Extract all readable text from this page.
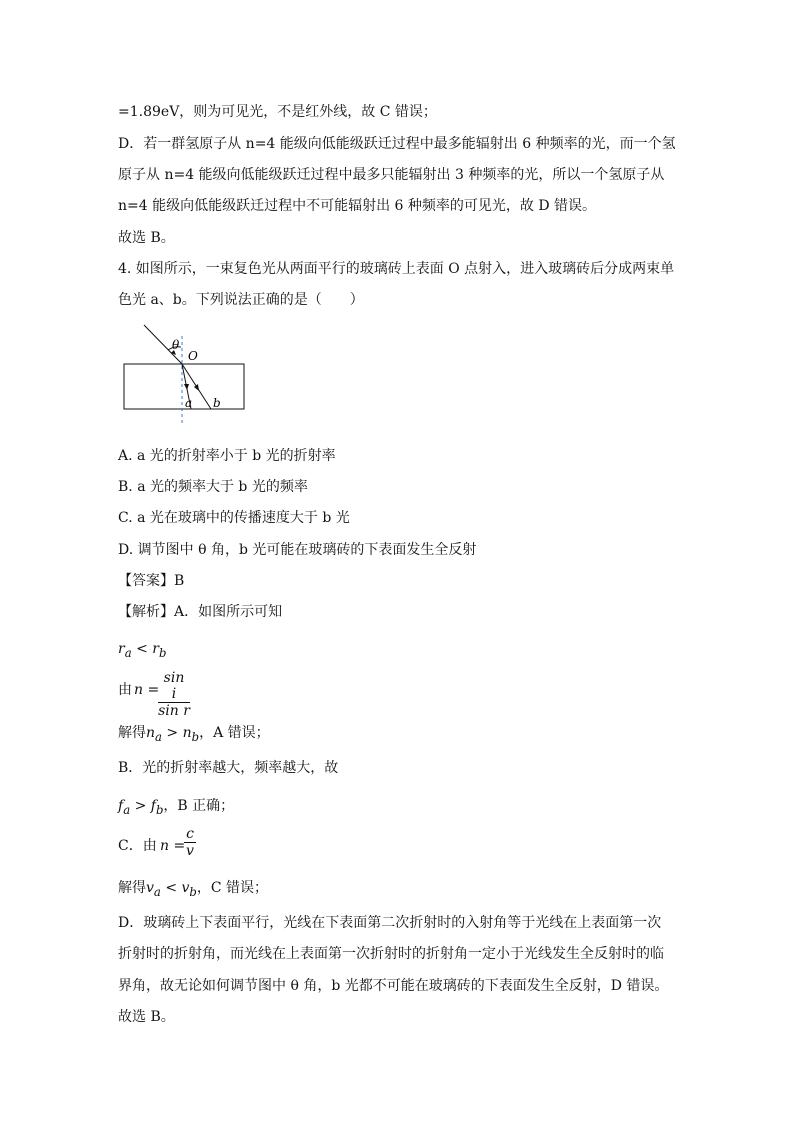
=1.89eV，则为可见光，不是红外线，故 C 错误；
D．若一群氢原子从 n=4 能级向低能级跃迁过程中最多能辐射出 6 种频率的光，而一个氢
原子从 n=4 能级向低能级跃迁过程中最多只能辐射出 3 种频率的光，所以一个氢原子从
n=4 能级向低能级跃迁过程中不可能辐射出 6 种频率的可见光，故 D 错误。
故选 B。
4. 如图所示，一束复色光从两面平行的玻璃砖上表面 O 点射入，进入玻璃砖后分成两束单
色光 a、b。下列说法正确的是（　　）
θ
O
a b
A. a 光的折射率小于 b 光的折射率
B. a 光的频率大于 b 光的频率
C. a 光在玻璃中的传播速度大于 b 光
D. 调节图中 θ 角，b 光可能在玻璃砖的下表面发生全反射
【答案】B
【解析】A．如图所示可知
$r_a < r_b$
由 n =
$\frac{\text{sin i}}{\text{sin r}}$
解得$n_a > n_b$，A 错误；
B．光的折射率越大，频率越大，故
$f_a > f_b$，B 正确；
C．由 n =
$\frac{c}{v}$
解得$v_a < v_b$，C 错误；
D．玻璃砖上下表面平行，光线在下表面第二次折射时的入射角等于光线在上表面第一次
折射时的折射角，而光线在上表面第一次折射时的折射角一定小于光线发生全反射时的临
界角，故无论如何调节图中 θ 角，b 光都不可能在玻璃砖的下表面发生全反射，D 错误。
故选 B。
